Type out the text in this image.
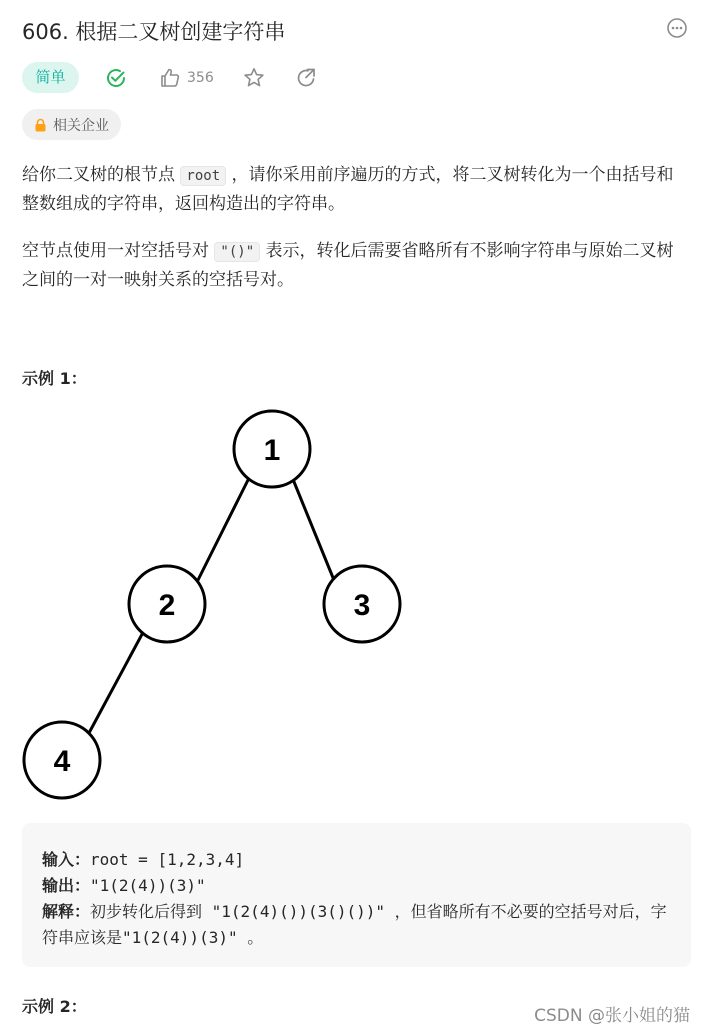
606. 根据二叉树创建字符串
简单	356
相关企业

给你二叉树的根节点 root ，请你采用前序遍历的方式，将二叉树转化为一个由括号和整数组成的字符串，返回构造出的字符串。

空节点使用一对空括号对 "()" 表示，转化后需要省略所有不影响字符串与原始二叉树之间的一对一映射关系的空括号对。

示例 1：
1
2	3
4
输入：root = [1,2,3,4]
输出："1(2(4))(3)"
解释：初步转化后得到 "1(2(4)())(3()())" ，但省略所有不必要的空括号对后，字符串应该是"1(2(4))(3)" 。
示例 2：	CSDN @张小姐的猫
